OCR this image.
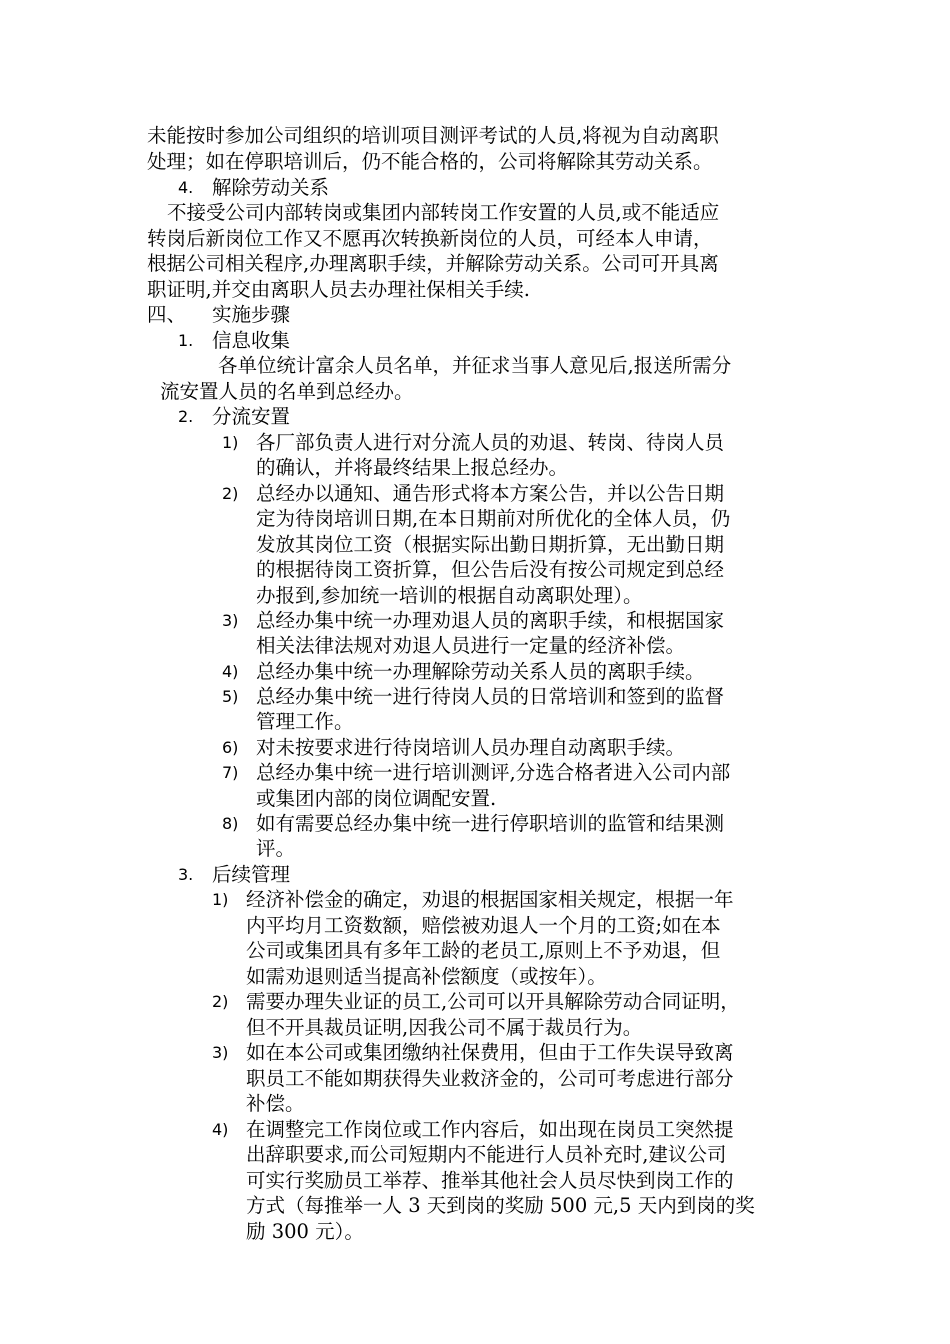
未能按时参加公司组织的培训项目测评考试的人员,将视为自动离职
处理；如在停职培训后，仍不能合格的，公司将解除其劳动关系。
4. 解除劳动关系
不接受公司内部转岗或集团内部转岗工作安置的人员,或不能适应
转岗后新岗位工作又不愿再次转换新岗位的人员，可经本人申请，
根据公司相关程序,办理离职手续，并解除劳动关系。公司可开具离
职证明,并交由离职人员去办理社保相关手续.
四、 实施步骤
1. 信息收集
各单位统计富余人员名单，并征求当事人意见后,报送所需分
流安置人员的名单到总经办。
2. 分流安置
1) 各厂部负责人进行对分流人员的劝退、转岗、待岗人员
的确认，并将最终结果上报总经办。
2) 总经办以通知、通告形式将本方案公告，并以公告日期
定为待岗培训日期,在本日期前对所优化的全体人员，仍
发放其岗位工资（根据实际出勤日期折算，无出勤日期
的根据待岗工资折算，但公告后没有按公司规定到总经
办报到,参加统一培训的根据自动离职处理）。
3) 总经办集中统一办理劝退人员的离职手续，和根据国家
相关法律法规对劝退人员进行一定量的经济补偿。
4) 总经办集中统一办理解除劳动关系人员的离职手续。
5) 总经办集中统一进行待岗人员的日常培训和签到的监督
管理工作。
6) 对未按要求进行待岗培训人员办理自动离职手续。
7) 总经办集中统一进行培训测评,分选合格者进入公司内部
或集团内部的岗位调配安置.
8) 如有需要总经办集中统一进行停职培训的监管和结果测
评。
3. 后续管理
1) 经济补偿金的确定，劝退的根据国家相关规定，根据一年
内平均月工资数额，赔偿被劝退人一个月的工资;如在本
公司或集团具有多年工龄的老员工,原则上不予劝退，但
如需劝退则适当提高补偿额度（或按年）。
2) 需要办理失业证的员工,公司可以开具解除劳动合同证明，
但不开具裁员证明,因我公司不属于裁员行为。
3) 如在本公司或集团缴纳社保费用，但由于工作失误导致离
职员工不能如期获得失业救济金的，公司可考虑进行部分
补偿。
4) 在调整完工作岗位或工作内容后，如出现在岗员工突然提
出辞职要求,而公司短期内不能进行人员补充时,建议公司
可实行奖励员工举荐、推举其他社会人员尽快到岗工作的
方式（每推举一人 3 天到岗的奖励 500 元,5 天内到岗的奖
励 300 元）。
